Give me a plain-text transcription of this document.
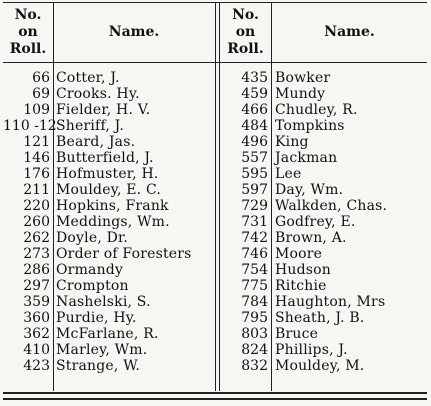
No.
on
Roll.
Name.
No.
on
Roll.
Name.
66
69
109
110 -12
121
146
176
211
220
260
262
273
286
297
359
360
362
410
423
Cotter, J.
Crooks. Hy.
Fielder, H. V.
Sheriff, J.
Beard, Jas.
Butterfield, J.
Hofmuster, H.
Mouldey, E. C.
Hopkins, Frank
Meddings, Wm.
Doyle, Dr.
Order of Foresters
Ormandy
Crompton
Nashelski, S.
Purdie, Hy.
McFarlane, R.
Marley, Wm.
Strange, W.
435
459
466
484
496
557
595
597
729
731
742
746
754
775
784
795
803
824
832
Bowker
Mundy
Chudley, R.
Tompkins
King
Jackman
Lee
Day, Wm.
Walkden, Chas.
Godfrey, E.
Brown, A.
Moore
Hudson
Ritchie
Haughton, Mrs
Sheath, J. B.
Bruce
Phillips, J.
Mouldey, M.
